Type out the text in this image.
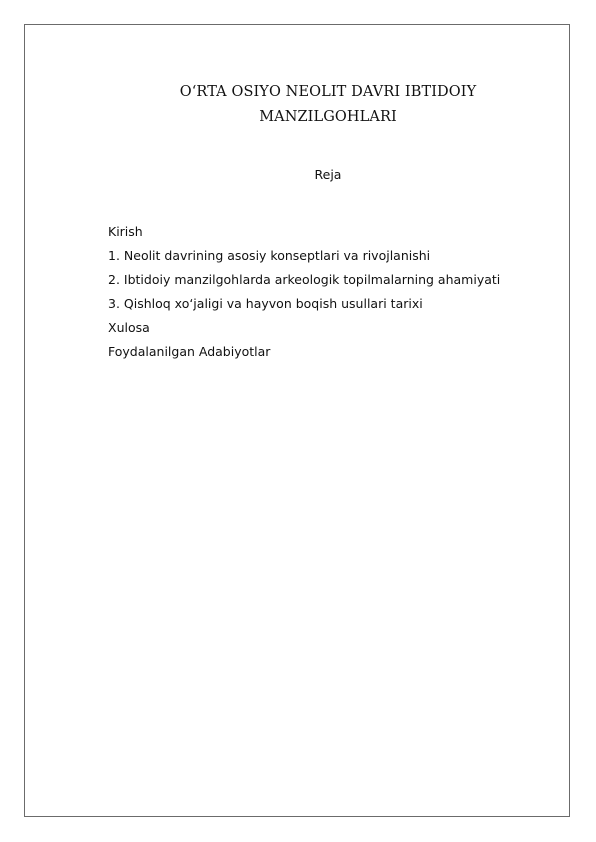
O‘RTA OSIYO NEOLIT DAVRI IBTIDOIY
MANZILGOHLARI
Reja
Kirish
1. Neolit davrining asosiy konseptlari va rivojlanishi
2. Ibtidoiy manzilgohlarda arkeologik topilmalarning ahamiyati
3. Qishloq xo‘jaligi va hayvon boqish usullari tarixi
Xulosa
Foydalanilgan Adabiyotlar
